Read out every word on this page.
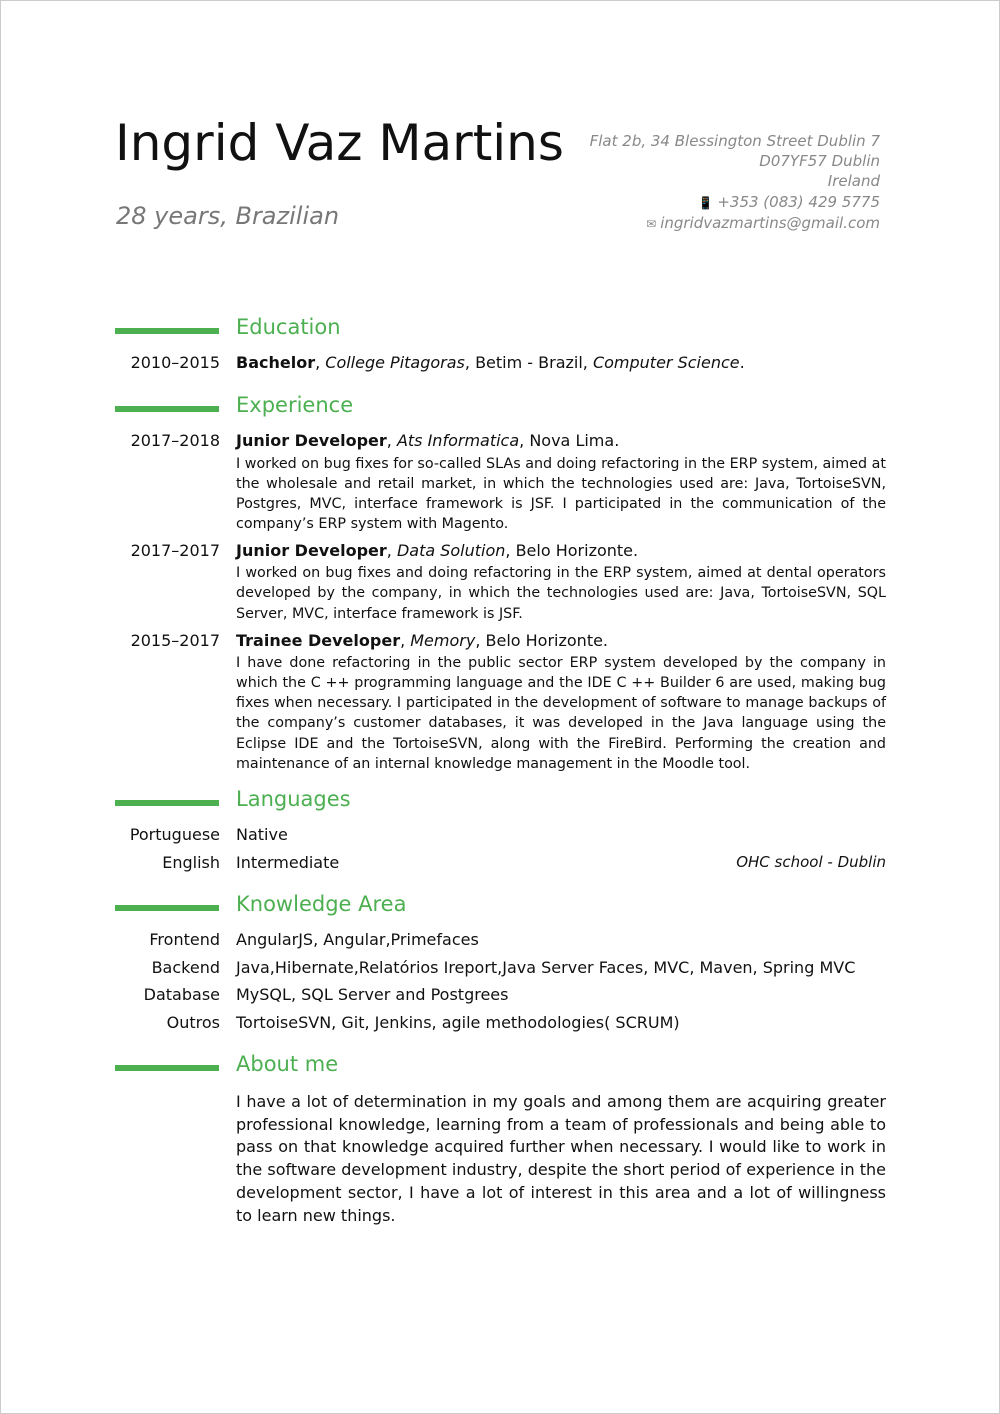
Ingrid Vaz Martins
28 years, Brazilian
Flat 2b, 34 Blessington Street Dublin 7
D07YF57 Dublin
Ireland
📱 +353 (083) 429 5775
✉ ingridvazmartins@gmail.com
Education
2010–2015 Bachelor, College Pitagoras, Betim - Brazil, Computer Science.
Experience
2017–2018 Junior Developer, Ats Informatica, Nova Lima.
I worked on bug fixes for so-called SLAs and doing refactoring in the ERP system, aimed at the wholesale and retail market, in which the technologies used are: Java, TortoiseSVN, Postgres, MVC, interface framework is JSF. I participated in the communication of the company’s ERP system with Magento.
2017–2017 Junior Developer, Data Solution, Belo Horizonte.
I worked on bug fixes and doing refactoring in the ERP system, aimed at dental operators developed by the company, in which the technologies used are: Java, TortoiseSVN, SQL Server, MVC, interface framework is JSF.
2015–2017 Trainee Developer, Memory, Belo Horizonte.
I have done refactoring in the public sector ERP system developed by the company in which the C ++ programming language and the IDE C ++ Builder 6 are used, making bug fixes when necessary. I participated in the development of software to manage backups of the company’s customer databases, it was developed in the Java language using the Eclipse IDE and the TortoiseSVN, along with the FireBird. Performing the creation and maintenance of an internal knowledge management in the Moodle tool.
Languages
Portuguese Native
English Intermediate	OHC school - Dublin
Knowledge Area
Frontend AngularJS, Angular,Primefaces
Backend Java,Hibernate,Relatórios Ireport,Java Server Faces, MVC, Maven, Spring MVC
Database MySQL, SQL Server and Postgrees
Outros TortoiseSVN, Git, Jenkins, agile methodologies( SCRUM)
About me
I have a lot of determination in my goals and among them are acquiring greater professional knowledge, learning from a team of professionals and being able to pass on that knowledge acquired further when necessary. I would like to work in the software development industry, despite the short period of experience in the development sector, I have a lot of interest in this area and a lot of willingness to learn new things.
